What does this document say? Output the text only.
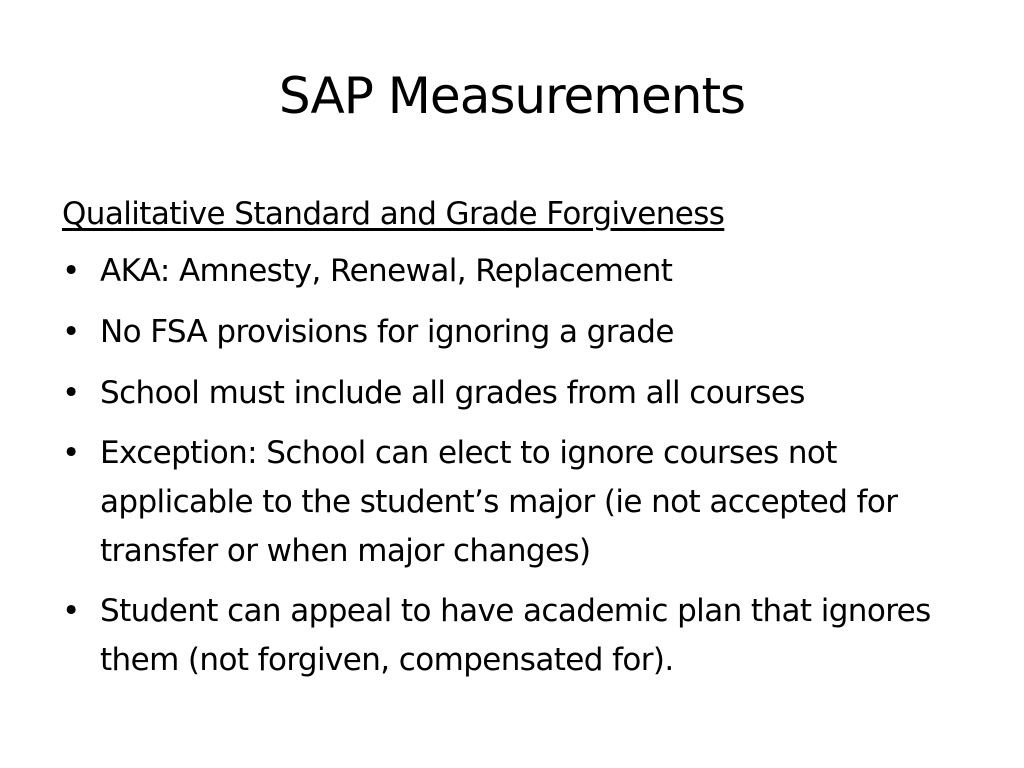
SAP Measurements
Qualitative Standard and Grade Forgiveness
• AKA: Amnesty, Renewal, Replacement
• No FSA provisions for ignoring a grade
• School must include all grades from all courses
• Exception: School can elect to ignore courses not applicable to the student’s major (ie not accepted for transfer or when major changes)
• Student can appeal to have academic plan that ignores them (not forgiven, compensated for).
